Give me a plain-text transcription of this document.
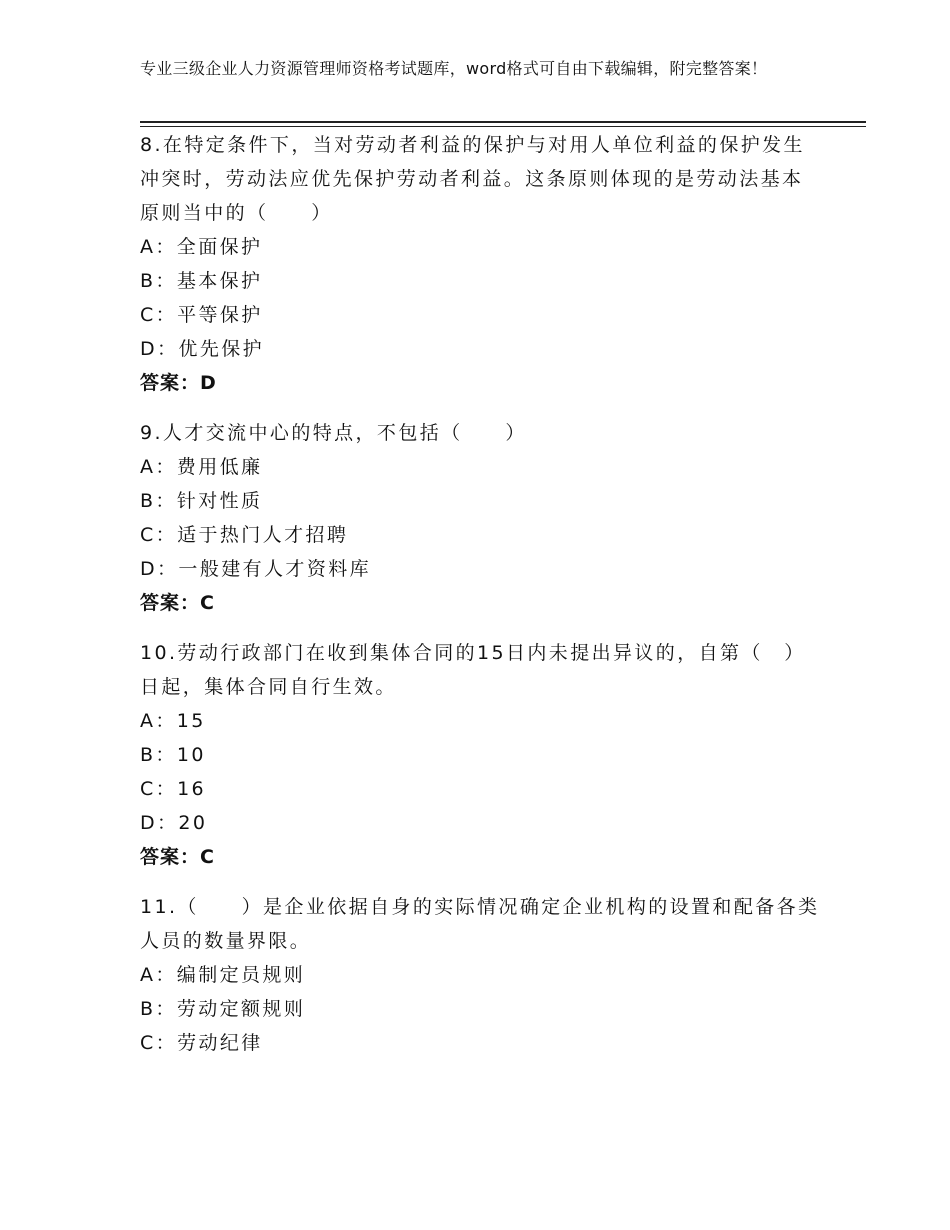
专业三级企业人力资源管理师资格考试题库，word格式可自由下载编辑，附完整答案！

8.在特定条件下，当对劳动者利益的保护与对用人单位利益的保护发生冲突时，劳动法应优先保护劳动者利益。这条原则体现的是劳动法基本原则当中的（　　）

A：全面保护

B：基本保护

C：平等保护

D：优先保护

答案：D

9.人才交流中心的特点，不包括（　　）

A：费用低廉

B：针对性质

C：适于热门人才招聘

D：一般建有人才资料库

答案：C

10.劳动行政部门在收到集体合同的15日内未提出异议的，自第（　）日起，集体合同自行生效。

A：15

B：10

C：16

D：20

答案：C

11.（　　）是企业依据自身的实际情况确定企业机构的设置和配备各类人员的数量界限。

A：编制定员规则

B：劳动定额规则

C：劳动纪律
